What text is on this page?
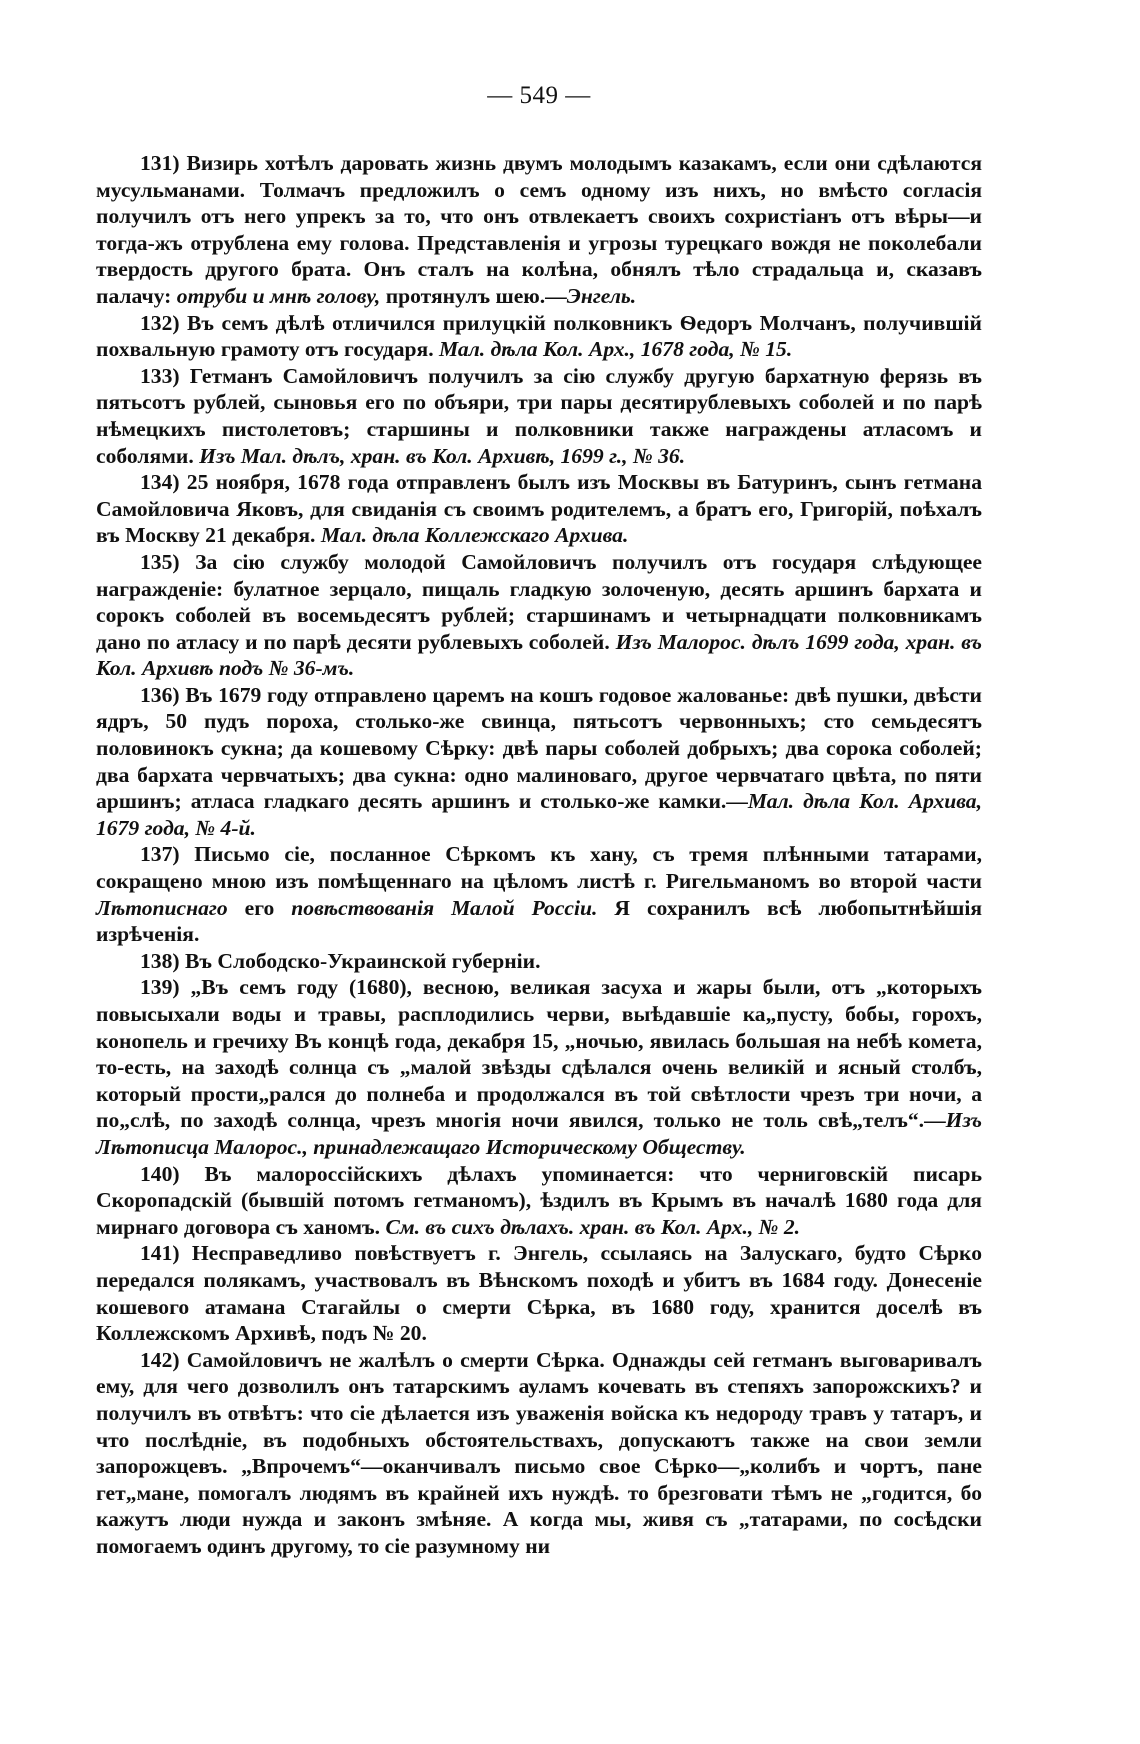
— 549 —

131) Визирь хотѣлъ даровать жизнь двумъ молодымъ казакамъ, если они сдѣлаются мусульманами. Толмачъ предложилъ о семъ одному изъ нихъ, но вмѣсто согласія получилъ отъ него упрекъ за то, что онъ отвлекаетъ своихъ сохристіанъ отъ вѣры—и тогда-жъ отрублена ему голова. Представленія и угрозы турецкаго вождя не поколебали твердость другого брата. Онъ сталъ на колѣна, обнялъ тѣло страдальца и, сказавъ палачу: отруби и мнѣ голову, протянулъ шею.—Энгель.

132) Въ семъ дѣлѣ отличился прилуцкій полковникъ Ѳедоръ Молчанъ, получившій похвальную грамоту отъ государя. Мал. дѣла Кол. Арх., 1678 года, № 15.

133) Гетманъ Самойловичъ получилъ за сію службу другую бархатную ферязь въ пятьсотъ рублей, сыновья его по объяри, три пары десятирублевыхъ соболей и по парѣ нѣмецкихъ пистолетовъ; старшины и полковники также награждены атласомъ и соболями. Изъ Мал. дѣлъ, хран. въ Кол. Архивѣ, 1699 г., № 36.

134) 25 ноября, 1678 года отправленъ былъ изъ Москвы въ Батуринъ, сынъ гетмана Самойловича Яковъ, для свиданія съ своимъ родителемъ, а братъ его, Григорій, поѣхалъ въ Москву 21 декабря. Мал. дѣла Коллежскаго Архива.

135) За сію службу молодой Самойловичъ получилъ отъ государя слѣдующее награжденіе: булатное зерцало, пищаль гладкую золоченую, десять аршинъ бархата и сорокъ соболей въ восемьдесятъ рублей; старшинамъ и четырнадцати полковникамъ дано по атласу и по парѣ десяти рублевыхъ соболей. Изъ Малорос. дѣлъ 1699 года, хран. въ Кол. Архивѣ подъ № 36-мъ.

136) Въ 1679 году отправлено царемъ на кошъ годовое жалованье: двѣ пушки, двѣсти ядръ, 50 пудъ пороха, столько-же свинца, пятьсотъ червонныхъ; сто семьдесятъ половинокъ сукна; да кошевому Сѣрку: двѣ пары соболей добрыхъ; два сорока соболей; два бархата червчатыхъ; два сукна: одно малиноваго, другое червчатаго цвѣта, по пяти аршинъ; атласа гладкаго десять аршинъ и столько-же камки.—Мал. дѣла Кол. Архива, 1679 года, № 4-й.

137) Письмо сіе, посланное Сѣркомъ къ хану, съ тремя плѣнными татарами, сокращено мною изъ помѣщеннаго на цѣломъ листѣ г. Ригельманомъ во второй части Лѣтописнаго его повѣствованія Малой Россіи. Я сохранилъ всѣ любопытнѣйшія изрѣченія.

138) Въ Слободско-Украинской губерніи.

139) „Въ семъ году (1680), весною, великая засуха и жары были, отъ „которыхъ повысыхали воды и травы, расплодились черви, выѣдавшіе ка„пусту, бобы, горохъ, конопель и гречиху Въ концѣ года, декабря 15, „ночью, явилась большая на небѣ комета, то-есть, на заходѣ солнца съ „малой звѣзды сдѣлался очень великій и ясный столбъ, который прости„рался до полнеба и продолжался въ той свѣтлости чрезъ три ночи, а по„слѣ, по заходѣ солнца, чрезъ многія ночи явился, только не толь свѣ„телъ“.—Изъ Лѣтописца Малорос., принадлежащаго Историческому Обществу.

140) Въ малороссійскихъ дѣлахъ упоминается: что черниговскій писарь Скоропадскій (бывшій потомъ гетманомъ), ѣздилъ въ Крымъ въ началѣ 1680 года для мирнаго договора съ ханомъ. См. въ сихъ дѣлахъ. хран. въ Кол. Арх., № 2.

141) Несправедливо повѣствуетъ г. Энгель, ссылаясь на Залускаго, будто Сѣрко передался полякамъ, участвовалъ въ Вѣнскомъ походѣ и убитъ въ 1684 году. Донесеніе кошевого атамана Стагайлы о смерти Сѣрка, въ 1680 году, хранится доселѣ въ Коллежскомъ Архивѣ, подъ № 20.

142) Самойловичъ не жалѣлъ о смерти Сѣрка. Однажды сей гетманъ выговаривалъ ему, для чего дозволилъ онъ татарскимъ ауламъ кочевать въ степяхъ запорожскихъ? и получилъ въ отвѣтъ: что сіе дѣлается изъ уваженія войска къ недороду травъ у татаръ, и что послѣдніе, въ подобныхъ обстоятельствахъ, допускаютъ также на свои земли запорожцевъ. „Впрочемъ“—оканчивалъ письмо свое Сѣрко—„колибъ и чортъ, пане гет„мане, помогалъ людямъ въ крайней ихъ нуждѣ. то брезговати тѣмъ не „годится, бо кажутъ люди нужда и законъ змѣняе. А когда мы, живя съ „татарами, по сосѣдски помогаемъ одинъ другому, то сіе разумному ни
